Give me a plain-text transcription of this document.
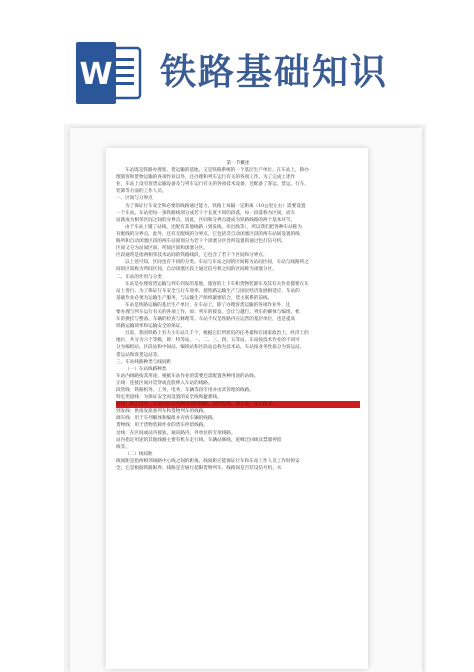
W 铁路基础知识
第一节概述
车站既是铁路办理客、货运输的基地，又是铁路系统的一个基层生产单位。在车站上，除办
理旅客和货物运输的各项作业以外，还办理和列车运行有关的各项工作。为了完成上述作
业，车站上设有客货运输设备及与列车运行有关的各项技术设备，还配备了客运、货运、行车、
装卸等方面的工作人员。
一、区间与分界点
为了保证行车安全和必要的线路通过能力，铁路上每隔一定距离（10公里左右）需要设置
一个车站。车站把每一条铁路线划分成若干个长度不同的段落，每一段落称为区间，而车
站就成为相邻区间之间的分界点。因此，区间和分界点就成为铁路线路的两个基本环节。
由于车站上铺了站线，还配有其他线路（到发线、牵出线等），所以我们把各种车站称为
有配线的分界点，此外，还有无配线的分界点，它包括非自动闭塞区段的两车站间设置的线
路所和自动闭塞区段的两车站间划分为若干个闭塞分区处所设置的通过色灯信号机。
区间又分为站间区间、所间区间和闭塞分区。
区段通常是指两相邻技术站间的铁路线段，它包含了若干个区间和分界点。
以上述可知，区间也有不同的分类。车站与车站之间的区间称为站间区间，车站与线路所之
间的区间称为所间区间，自动闭塞区段上通过信号机之间的区间称为闭塞分区。
二、车站的作用与分类
车站是办理客货运输与列车到发的基地，旅客的上下车和货物装卸车及其有关作业都要在车
站上进行。为了保证行车安全与行车效率，使铁路运输生产与国民经济发展相适应，车站的
基础作业必须为运输生产服务，与运输生产组织紧密结合，货主联系的前线。
车站是铁路运输的基层生产单位，在车站上，除了办理客货运输的各项作业外，还
要办理与列车运行有关的各项工作，如：列车的接发、会让与越行、列车的解体与编组、机
车的换挂与整备、车辆的检查与修理等。车站不仅是铁路内在运营的基层单位，也是提高
铁路运输效率和运输安全的保证。
目前，我国铁路上有大小车站几千个，根据它们所担负的任务量和在国家政治上、经济上的
地位，共分为六个等级，即：特等站、一、二、三、四、五等站。车站按技术作业的不同可
分为编组站、区段站和中间站。编组站和区段站总称为技术站。车站按业务性质分为客运站、
货运站和客货运站等。
三、车站线路种类与线间距
（一）车站线路种类
车站内线路按其用途，根据车站作业的需要还需配置各种用途的站线。
正线：连接区间并贯穿或直股伸入车站的线路。
段管线：铁路机务、工务、电务、车辆等段专用并由其管理的线路。
特定用途线：为保证安全而设置的安全线和避难线。
站线：除正线外，车站内具有各种用途的线路，如到发线、调车线、牵出线等。
到发线：供接发旅客列车和货物列车的线路。
调车线：用于车列解体和编组并存放车辆的线路。
货物线：用于货物装卸作业的货车停留线路。
岔线：在区间或站内接轨，通向路内、外单位的专用线路。
站内指定用途的其他线路主要有机车走行线、车辆站修线、驼峰迂回线及禁溜停留
线等。
（二）线间距
线间距是指两相邻线路中心线之间的距离。线间距应能保证行车和车站工作人员工作时的安
全，它是根据铁路限界、线路是否通行超限货物列车、线路间是否装设信号机、水
